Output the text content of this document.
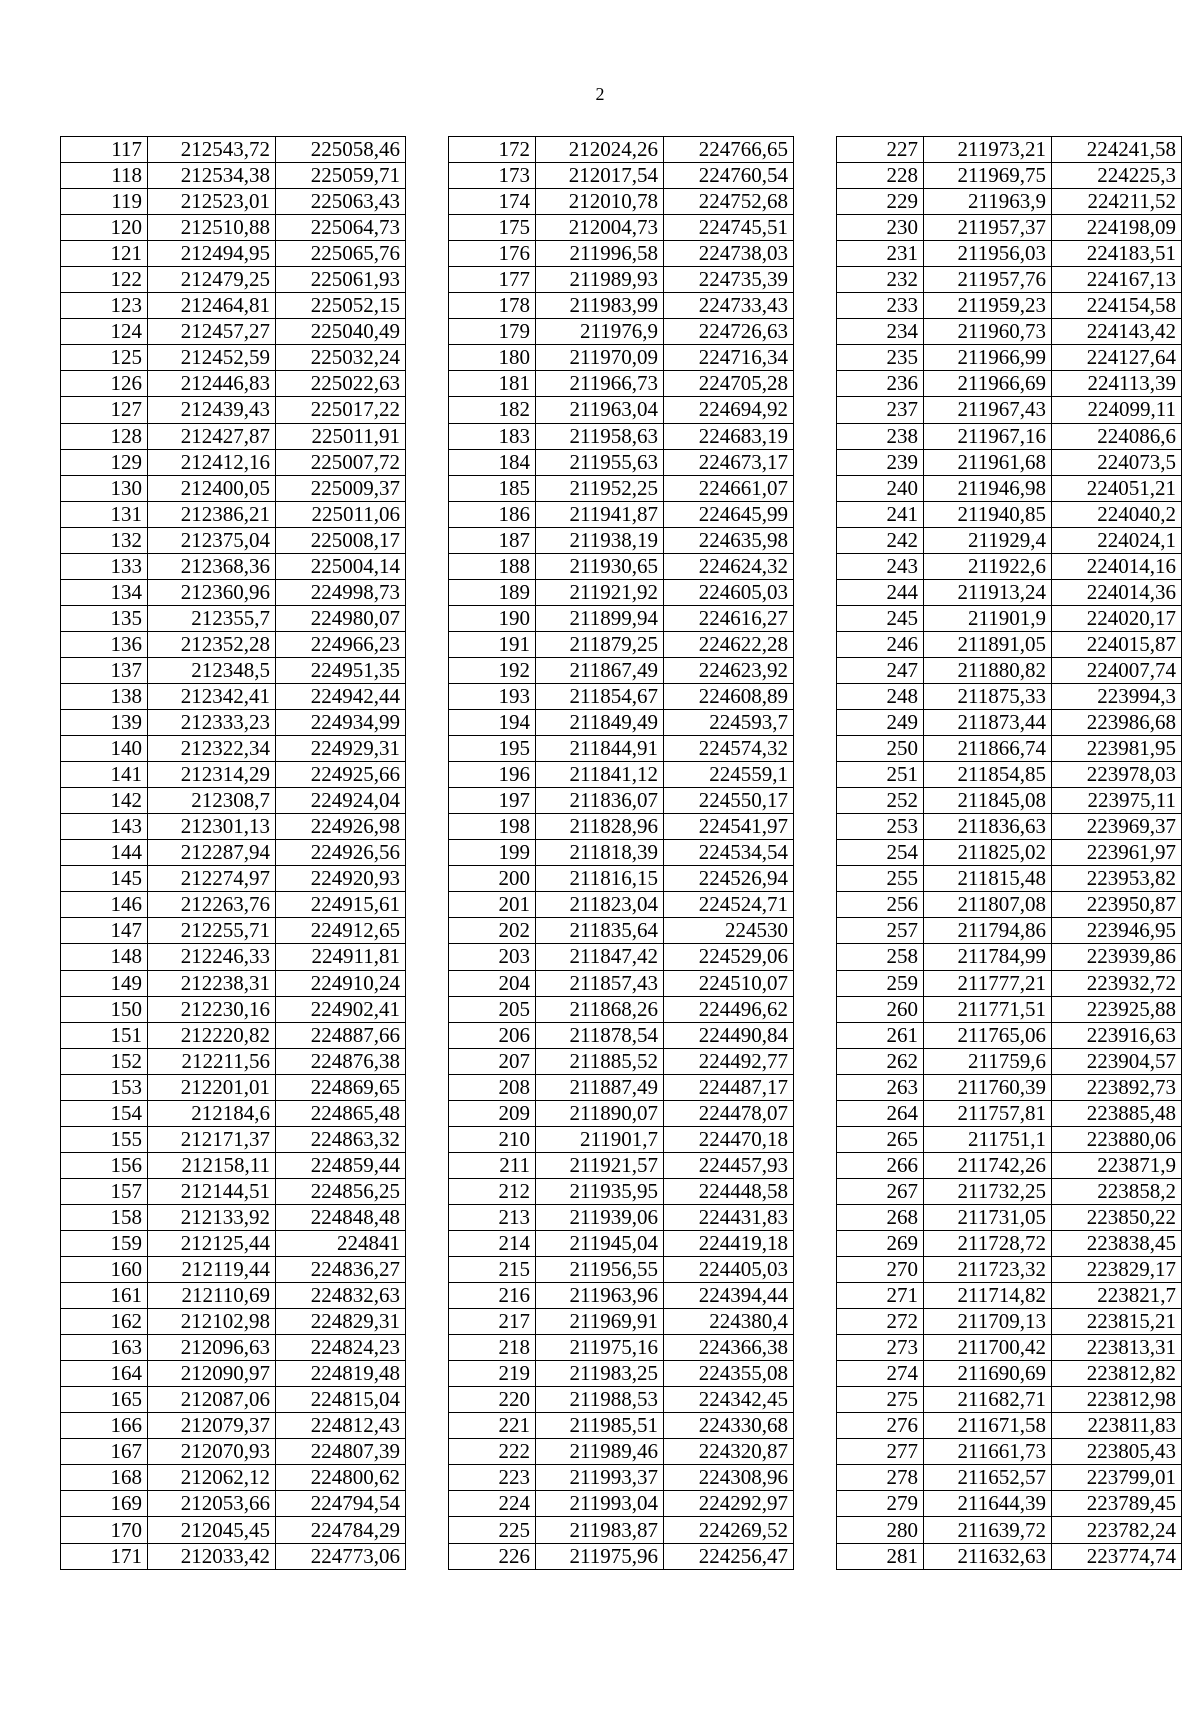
2
117	212543,72	225058,46
118	212534,38	225059,71
119	212523,01	225063,43
120	212510,88	225064,73
121	212494,95	225065,76
122	212479,25	225061,93
123	212464,81	225052,15
124	212457,27	225040,49
125	212452,59	225032,24
126	212446,83	225022,63
127	212439,43	225017,22
128	212427,87	225011,91
129	212412,16	225007,72
130	212400,05	225009,37
131	212386,21	225011,06
132	212375,04	225008,17
133	212368,36	225004,14
134	212360,96	224998,73
135	212355,7	224980,07
136	212352,28	224966,23
137	212348,5	224951,35
138	212342,41	224942,44
139	212333,23	224934,99
140	212322,34	224929,31
141	212314,29	224925,66
142	212308,7	224924,04
143	212301,13	224926,98
144	212287,94	224926,56
145	212274,97	224920,93
146	212263,76	224915,61
147	212255,71	224912,65
148	212246,33	224911,81
149	212238,31	224910,24
150	212230,16	224902,41
151	212220,82	224887,66
152	212211,56	224876,38
153	212201,01	224869,65
154	212184,6	224865,48
155	212171,37	224863,32
156	212158,11	224859,44
157	212144,51	224856,25
158	212133,92	224848,48
159	212125,44	224841
160	212119,44	224836,27
161	212110,69	224832,63
162	212102,98	224829,31
163	212096,63	224824,23
164	212090,97	224819,48
165	212087,06	224815,04
166	212079,37	224812,43
167	212070,93	224807,39
168	212062,12	224800,62
169	212053,66	224794,54
170	212045,45	224784,29
171	212033,42	224773,06
172	212024,26	224766,65
173	212017,54	224760,54
174	212010,78	224752,68
175	212004,73	224745,51
176	211996,58	224738,03
177	211989,93	224735,39
178	211983,99	224733,43
179	211976,9	224726,63
180	211970,09	224716,34
181	211966,73	224705,28
182	211963,04	224694,92
183	211958,63	224683,19
184	211955,63	224673,17
185	211952,25	224661,07
186	211941,87	224645,99
187	211938,19	224635,98
188	211930,65	224624,32
189	211921,92	224605,03
190	211899,94	224616,27
191	211879,25	224622,28
192	211867,49	224623,92
193	211854,67	224608,89
194	211849,49	224593,7
195	211844,91	224574,32
196	211841,12	224559,1
197	211836,07	224550,17
198	211828,96	224541,97
199	211818,39	224534,54
200	211816,15	224526,94
201	211823,04	224524,71
202	211835,64	224530
203	211847,42	224529,06
204	211857,43	224510,07
205	211868,26	224496,62
206	211878,54	224490,84
207	211885,52	224492,77
208	211887,49	224487,17
209	211890,07	224478,07
210	211901,7	224470,18
211	211921,57	224457,93
212	211935,95	224448,58
213	211939,06	224431,83
214	211945,04	224419,18
215	211956,55	224405,03
216	211963,96	224394,44
217	211969,91	224380,4
218	211975,16	224366,38
219	211983,25	224355,08
220	211988,53	224342,45
221	211985,51	224330,68
222	211989,46	224320,87
223	211993,37	224308,96
224	211993,04	224292,97
225	211983,87	224269,52
226	211975,96	224256,47
227	211973,21	224241,58
228	211969,75	224225,3
229	211963,9	224211,52
230	211957,37	224198,09
231	211956,03	224183,51
232	211957,76	224167,13
233	211959,23	224154,58
234	211960,73	224143,42
235	211966,99	224127,64
236	211966,69	224113,39
237	211967,43	224099,11
238	211967,16	224086,6
239	211961,68	224073,5
240	211946,98	224051,21
241	211940,85	224040,2
242	211929,4	224024,1
243	211922,6	224014,16
244	211913,24	224014,36
245	211901,9	224020,17
246	211891,05	224015,87
247	211880,82	224007,74
248	211875,33	223994,3
249	211873,44	223986,68
250	211866,74	223981,95
251	211854,85	223978,03
252	211845,08	223975,11
253	211836,63	223969,37
254	211825,02	223961,97
255	211815,48	223953,82
256	211807,08	223950,87
257	211794,86	223946,95
258	211784,99	223939,86
259	211777,21	223932,72
260	211771,51	223925,88
261	211765,06	223916,63
262	211759,6	223904,57
263	211760,39	223892,73
264	211757,81	223885,48
265	211751,1	223880,06
266	211742,26	223871,9
267	211732,25	223858,2
268	211731,05	223850,22
269	211728,72	223838,45
270	211723,32	223829,17
271	211714,82	223821,7
272	211709,13	223815,21
273	211700,42	223813,31
274	211690,69	223812,82
275	211682,71	223812,98
276	211671,58	223811,83
277	211661,73	223805,43
278	211652,57	223799,01
279	211644,39	223789,45
280	211639,72	223782,24
281	211632,63	223774,74
